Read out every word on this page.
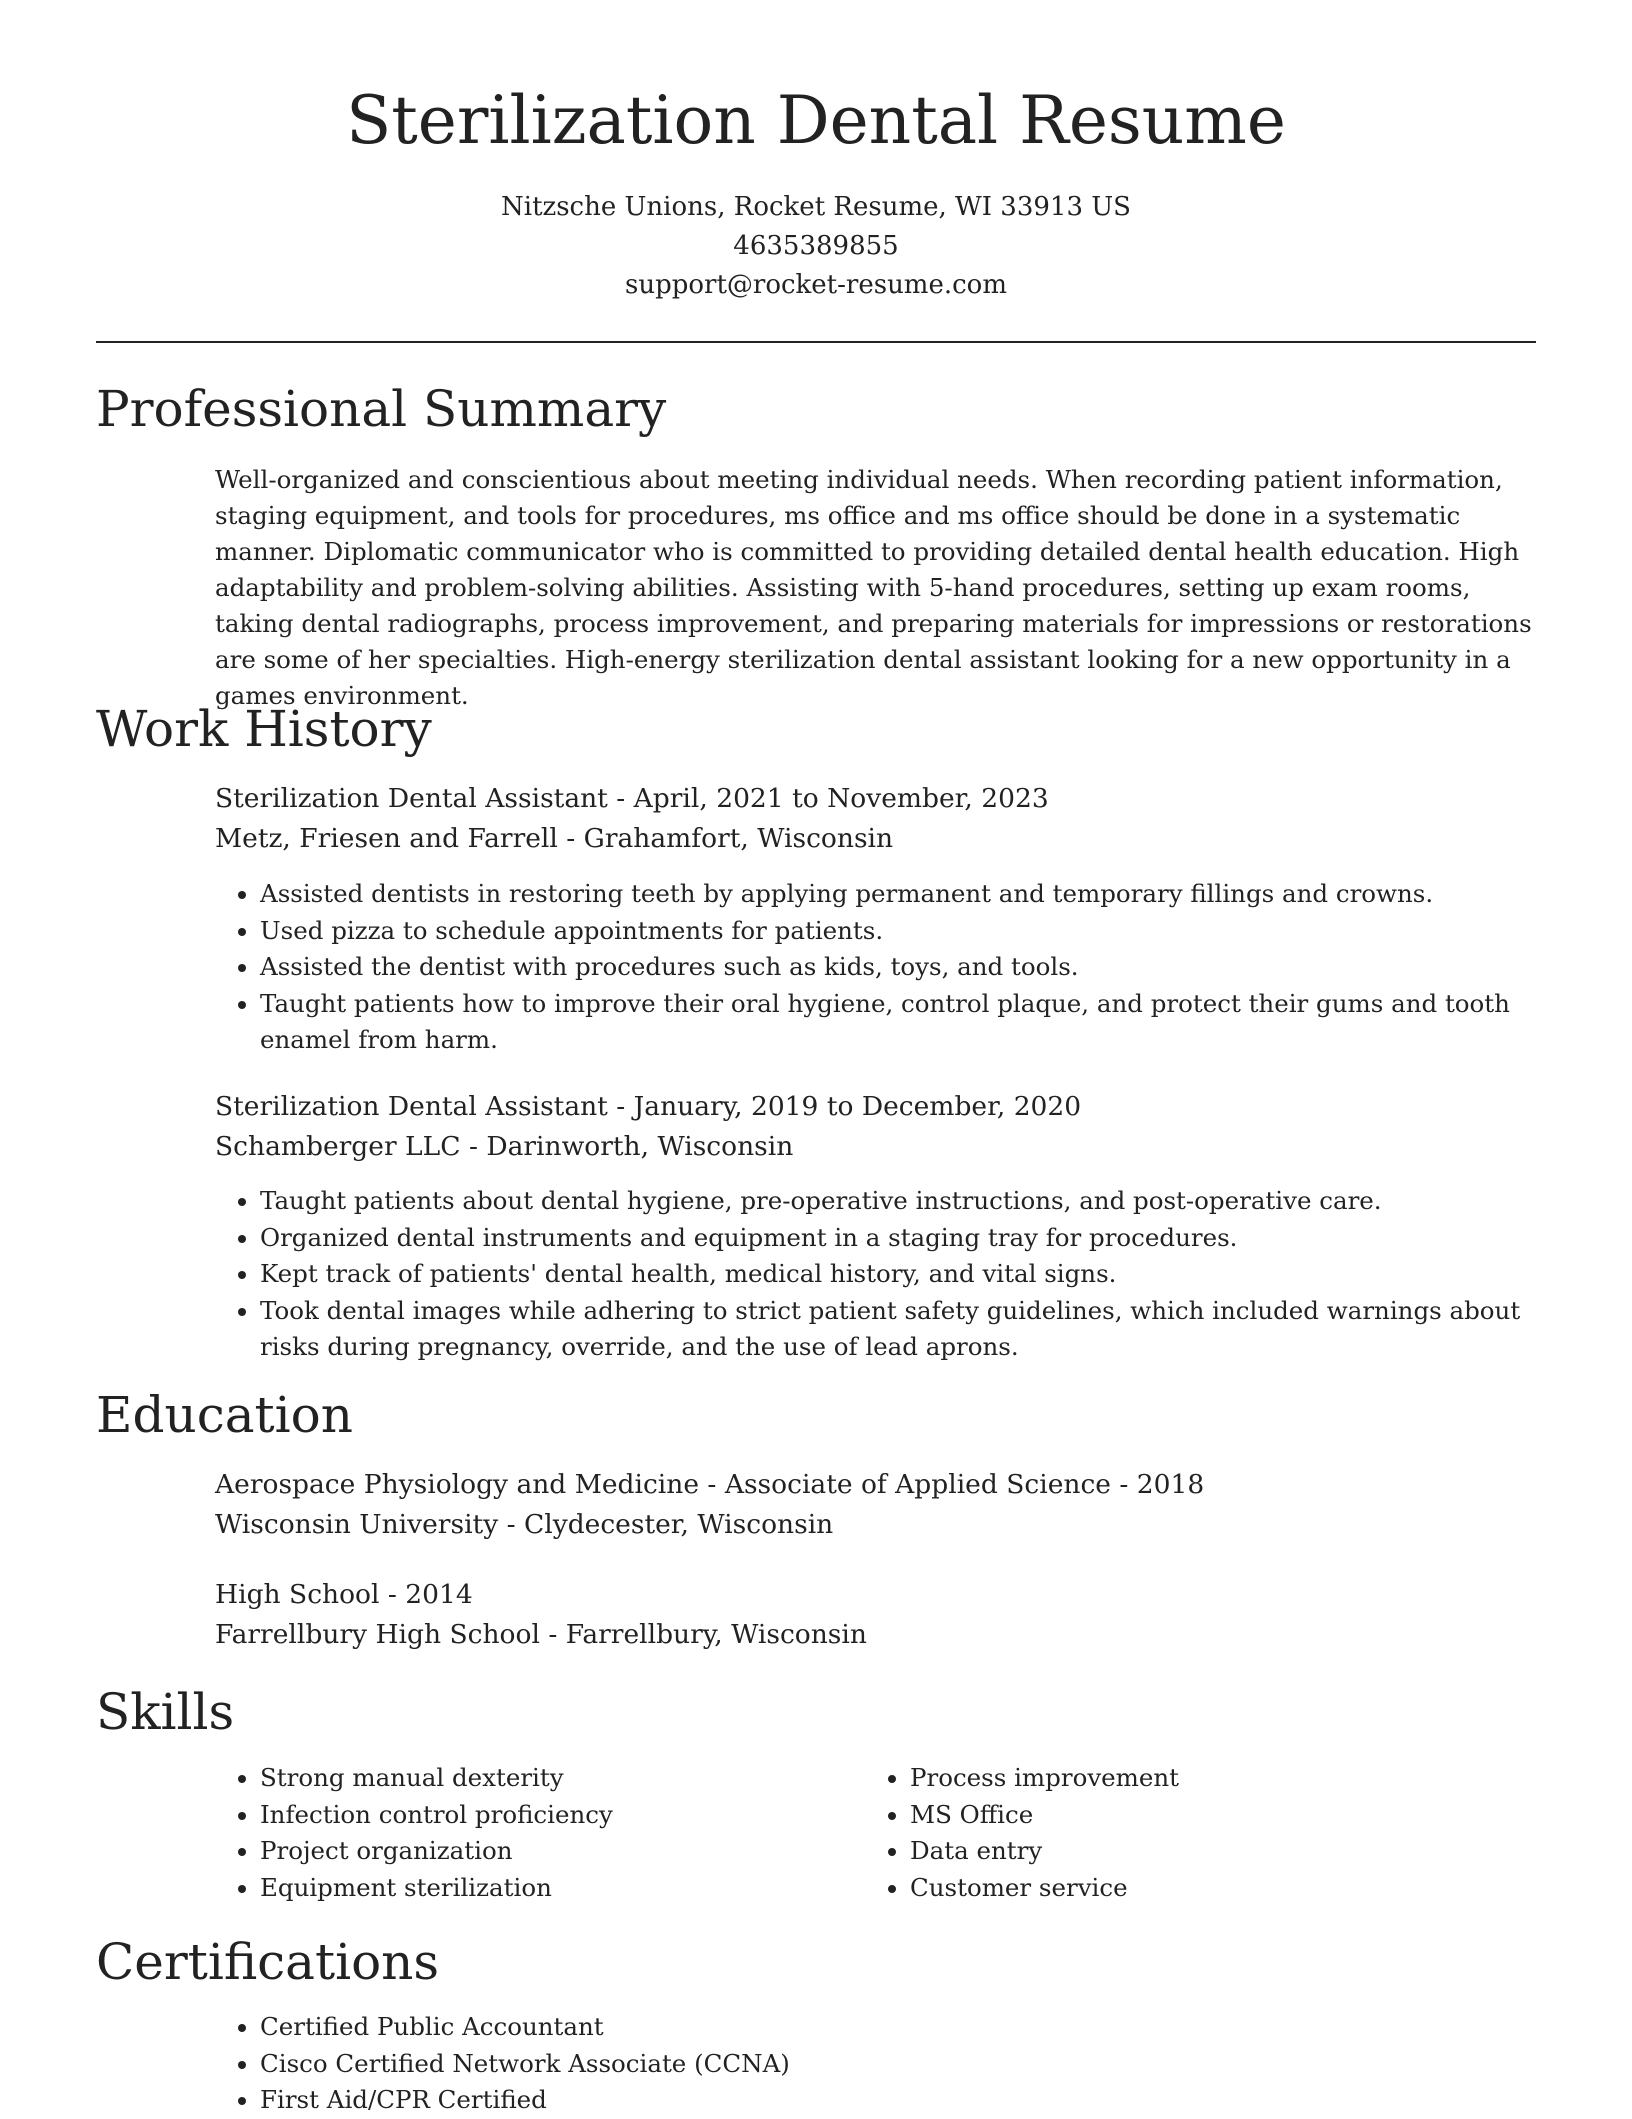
Sterilization Dental Resume
Nitzsche Unions, Rocket Resume, WI 33913 US
4635389855
support@rocket-resume.com
Professional Summary

Well-organized and conscientious about meeting individual needs. When recording patient information, staging equipment, and tools for procedures, ms office and ms office should be done in a systematic manner. Diplomatic communicator who is committed to providing detailed dental health education. High adaptability and problem-solving abilities. Assisting with 5-hand procedures, setting up exam rooms, taking dental radiographs, process improvement, and preparing materials for impressions or restorations are some of her specialties. High-energy sterilization dental assistant looking for a new opportunity in a games environment.

Work History
Sterilization Dental Assistant - April, 2021 to November, 2023
Metz, Friesen and Farrell - Grahamfort, Wisconsin
• Assisted dentists in restoring teeth by applying permanent and temporary fillings and crowns.
• Used pizza to schedule appointments for patients.
• Assisted the dentist with procedures such as kids, toys, and tools.
• Taught patients how to improve their oral hygiene, control plaque, and protect their gums and tooth enamel from harm.
Sterilization Dental Assistant - January, 2019 to December, 2020
Schamberger LLC - Darinworth, Wisconsin
• Taught patients about dental hygiene, pre-operative instructions, and post-operative care.
• Organized dental instruments and equipment in a staging tray for procedures.
• Kept track of patients' dental health, medical history, and vital signs.
• Took dental images while adhering to strict patient safety guidelines, which included warnings about risks during pregnancy, override, and the use of lead aprons.
Education
Aerospace Physiology and Medicine - Associate of Applied Science - 2018
Wisconsin University - Clydecester, Wisconsin
High School - 2014
Farrellbury High School - Farrellbury, Wisconsin
Skills
• Strong manual dexterity
• Infection control proficiency
• Project organization
• Equipment sterilization
• Process improvement
• MS Office
• Data entry
• Customer service
Certifications
• Certified Public Accountant
• Cisco Certified Network Associate (CCNA)
• First Aid/CPR Certified
